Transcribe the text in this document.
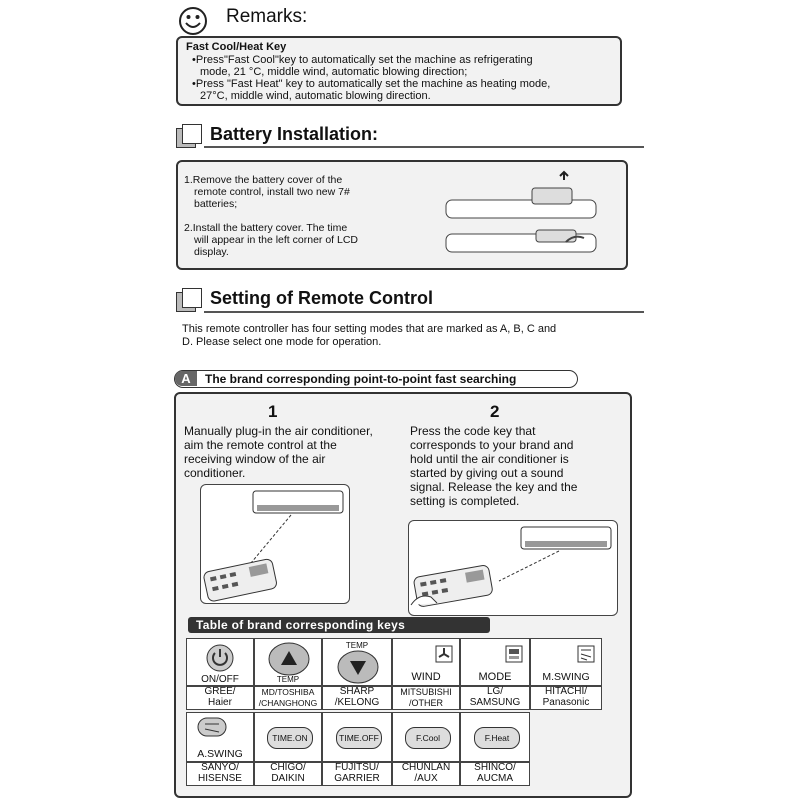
Remarks:
Fast Cool/Heat Key
•Press"Fast Cool"key to automatically set the machine as refrigerating
mode, 21 °C, middle wind, automatic blowing direction;
•Press "Fast Heat" key to automatically set the machine as heating mode,
27°C, middle wind, automatic blowing direction.
Battery Installation:
1.Remove the battery cover of the
remote control, install two new 7#
batteries;
2.Install the battery cover. The time
will appear in the left corner of LCD
display.
Setting of Remote Control
This remote controller has four setting modes that are marked as A, B, C and
D. Please select one mode for operation.
A	The brand corresponding point-to-point fast searching
1
Manually plug-in the air conditioner,
aim the remote control at the
receiving window of the air
conditioner.
2
Press the code key that
corresponds to your brand and
hold until the air conditioner is
started by giving out a sound
signal. Release the key and the
setting is completed.
Table of brand corresponding keys
ON/OFF
GREE/
Haier
TEMP
MD/TOSHIBA
/CHANGHONG
TEMP
SHARP
/KELONG
WIND
MITSUBISHI
/OTHER
MODE
LG/
SAMSUNG
M.SWING
HITACHI/
Panasonic
A.SWING
SANYO/
HISENSE
TIME.ON
CHIGO/
DAIKIN
TIME.OFF
FUJITSU/
GARRIER
F.Cool
CHUNLAN
/AUX
F.Heat
SHINCO/
AUCMA
